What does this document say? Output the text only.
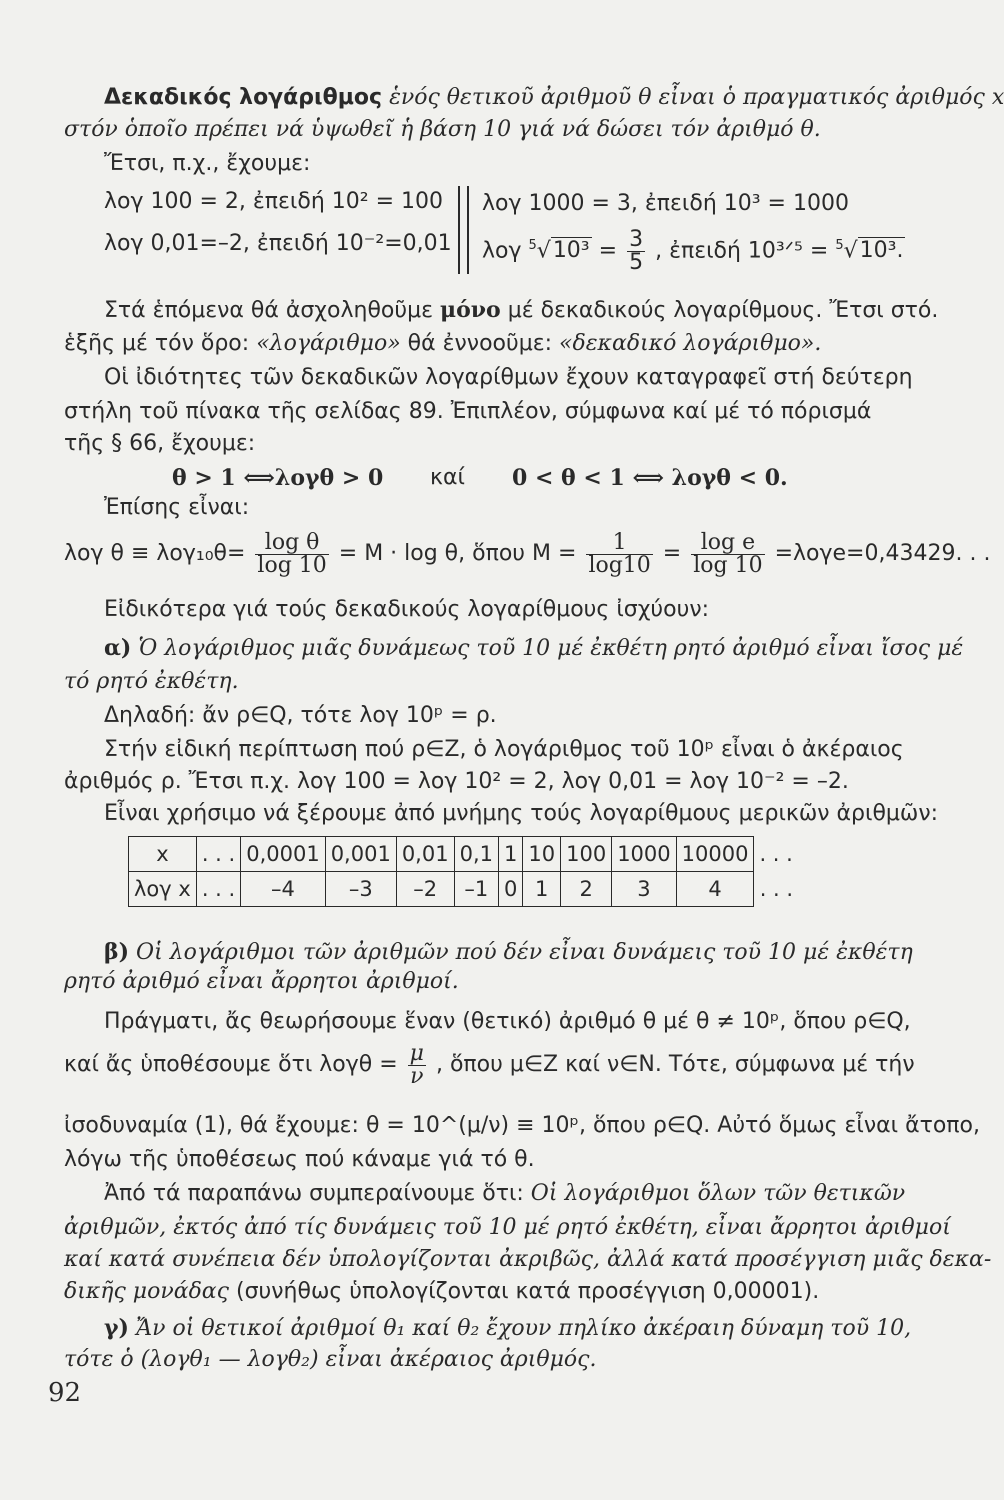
Δεκαδικός λογάριθμος ἑνός θετικοῦ ἀριθμοῦ θ εἶναι ὁ πραγματικός ἀριθμός x
στόν ὁποῖο πρέπει νά ὑψωθεῖ ἡ βάση 10 γιά νά δώσει τόν ἀριθμό θ.
Ἔτσι, π.χ., ἔχουμε:
λογ 100 = 2, ἐπειδή 10² = 100
λογ 0,01=–2, ἐπειδή 10⁻²=0,01
λογ 1000 = 3, ἐπειδή 10³ = 1000
λογ $^5√10^3 = \frac{3}{5}$ , ἐπειδή 10³ᐟ⁵ = $^5$√10³.
Στά ἑπόμενα θά ἀσχοληθοῦμε μόνο μέ δεκαδικούς λογαρίθμους. Ἔτσι στό.
ἑξῆς μέ τόν ὅρο: «λογάριθμο» θά ἐννοοῦμε: «δεκαδικό λογάριθμο».
Οἱ ἰδιότητες τῶν δεκαδικῶν λογαρίθμων ἔχουν καταγραφεῖ στή δεύτερη
στήλη τοῦ πίνακα τῆς σελίδας 89. Ἐπιπλέον, σύμφωνα καί μέ τό πόρισμά
τῆς § 66, ἔχουμε:
θ > 1 ⟺λογθ > 0 καί 0 < θ < 1 ⟺ λογθ < 0.
Ἐπίσης εἶναι:
λογ $\theta \equiv \lambda o\gamma_{10}\theta= \frac{\text{log θ}}{\log 10} = M \cdot \log \theta$, ὅπου $M = \frac{1}{\log 10} = \frac{\text{log e}}{\log 10} =\lambda o\gamma e=0,43429$. . .
Εἰδικότερα γιά τούς δεκαδικούς λογαρίθμους ἰσχύουν:
α) Ὁ λογάριθμος μιᾶς δυνάμεως τοῦ 10 μέ ἐκθέτη ρητό ἀριθμό εἶναι ἴσος μέ
τό ρητό ἐκθέτη.
Δηλαδή: ἄν ρ∈Q, τότε λογ 10ᵖ = ρ.
Στήν εἰδική περίπτωση πού ρ∈Z, ὁ λογάριθμος τοῦ 10ᵖ εἶναι ὁ ἀκέραιος
ἀριθμός ρ. Ἔτσι π.χ. λογ 100 = λογ 10² = 2, λογ 0,01 = λογ 10⁻² = –2.
Εἶναι χρήσιμο νά ξέρουμε ἀπό μνήμης τούς λογαρίθμους μερικῶν ἀριθμῶν:
x	. . .	0,0001	0,001	0,01	0,1	1	10	100	1000	10000	. . .
λογ x	. . .	–4	–3	–2	–1	0	1	2	3	4	. . .
β) Οἱ λογάριθμοι τῶν ἀριθμῶν πού δέν εἶναι δυνάμεις τοῦ 10 μέ ἐκθέτη
ρητό ἀριθμό εἶναι ἄρρητοι ἀριθμοί.
Πράγματι, ἄς θεωρήσουμε ἕναν (θετικό) ἀριθμό θ μέ θ ≠ 10ᵖ, ὅπου ρ∈Q,
καί ἄς ὑποθέσουμε ὅτι $\lambda o\gamma\theta = \frac{\mu}{\nu}$ , ὅπου μ∈Z καί ν∈N. Τότε, σύμφωνα μέ τήν
ἰσοδυναμία (1), θά ἔχουμε: θ = 10^(μ/ν) ≡ 10ᵖ, ὅπου ρ∈Q. Αὐτό ὅμως εἶναι ἄτοπο,
λόγω τῆς ὑποθέσεως πού κάναμε γιά τό θ.
Ἀπό τά παραπάνω συμπεραίνουμε ὅτι: Οἱ λογάριθμοι ὅλων τῶν θετικῶν
ἀριθμῶν, ἐκτός ἀπό τίς δυνάμεις τοῦ 10 μέ ρητό ἐκθέτη, εἶναι ἄρρητοι ἀριθμοί
καί κατά συνέπεια δέν ὑπολογίζονται ἀκριβῶς, ἀλλά κατά προσέγγιση μιᾶς δεκα-
δικῆς μονάδας (συνήθως ὑπολογίζονται κατά προσέγγιση 0,00001).
γ) Ἄν οἱ θετικοί ἀριθμοί θ₁ καί θ₂ ἔχουν πηλίκο ἀκέραιη δύναμη τοῦ 10,
τότε ὁ (λογθ₁ — λογθ₂) εἶναι ἀκέραιος ἀριθμός.
92
